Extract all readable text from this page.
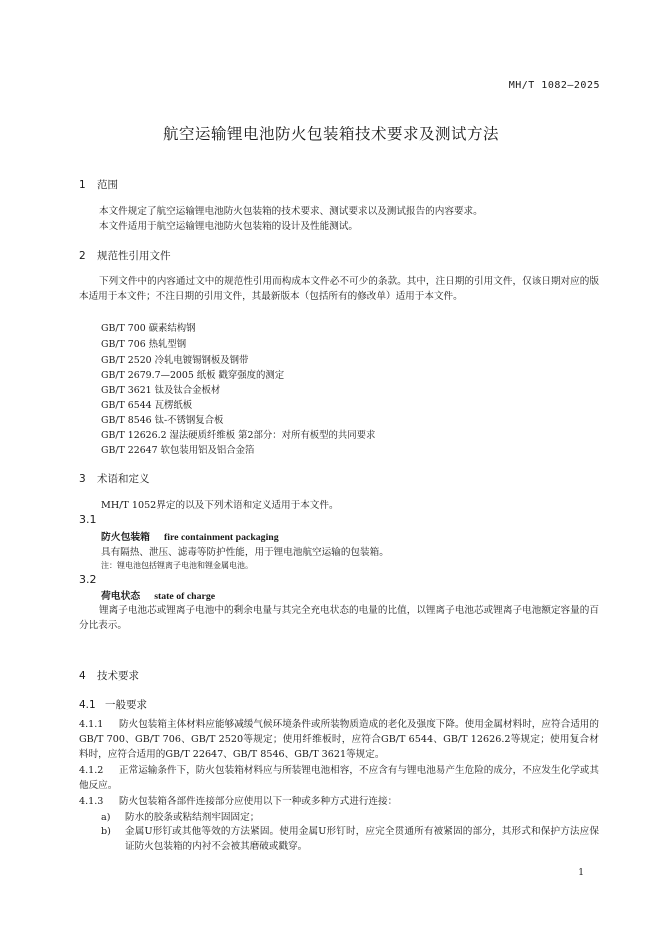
MH/T 1082—2025
航空运输锂电池防火包装箱技术要求及测试方法
1 范围
本文件规定了航空运输锂电池防火包装箱的技术要求、测试要求以及测试报告的内容要求。
本文件适用于航空运输锂电池防火包装箱的设计及性能测试。
2 规范性引用文件
下列文件中的内容通过文中的规范性引用而构成本文件必不可少的条款。其中，注日期的引用文件，仅该日期对应的版本适用于本文件；不注日期的引用文件，其最新版本（包括所有的修改单）适用于本文件。
GB/T 700 碳素结构钢
GB/T 706 热轧型钢
GB/T 2520 冷轧电镀锡钢板及钢带
GB/T 2679.7—2005 纸板 戳穿强度的测定
GB/T 3621 钛及钛合金板材
GB/T 6544 瓦楞纸板
GB/T 8546 钛-不锈钢复合板
GB/T 12626.2 湿法硬质纤维板 第2部分：对所有板型的共同要求
GB/T 22647 软包装用铝及铝合金箔
3 术语和定义
MH/T 1052界定的以及下列术语和定义适用于本文件。
3.1
防火包装箱 fire containment packaging
具有隔热、泄压、滤毒等防护性能，用于锂电池航空运输的包装箱。
注：锂电池包括锂离子电池和锂金属电池。
3.2
荷电状态 state of charge
锂离子电池芯或锂离子电池中的剩余电量与其完全充电状态的电量的比值，以锂离子电池芯或锂离子电池额定容量的百分比表示。
4 技术要求
4.1 一般要求
4.1.1 防火包装箱主体材料应能够减缓气候环境条件或所装物质造成的老化及强度下降。使用金属材料时，应符合适用的GB/T 700、GB/T 706、GB/T 2520等规定；使用纤维板时，应符合GB/T 6544、GB/T 12626.2等规定；使用复合材料时，应符合适用的GB/T 22647、GB/T 8546、GB/T 3621等规定。
4.1.2 正常运输条件下，防火包装箱材料应与所装锂电池相容，不应含有与锂电池易产生危险的成分，不应发生化学或其他反应。
4.1.3 防火包装箱各部件连接部分应使用以下一种或多种方式进行连接：
a) 防水的胶条或粘结剂牢固固定；
b)	金属U形钉或其他等效的方法紧固。使用金属U形钉时，应完全贯通所有被紧固的部分，其形式和保护方法应保证防火包装箱的内衬不会被其磨破或戳穿。
1
